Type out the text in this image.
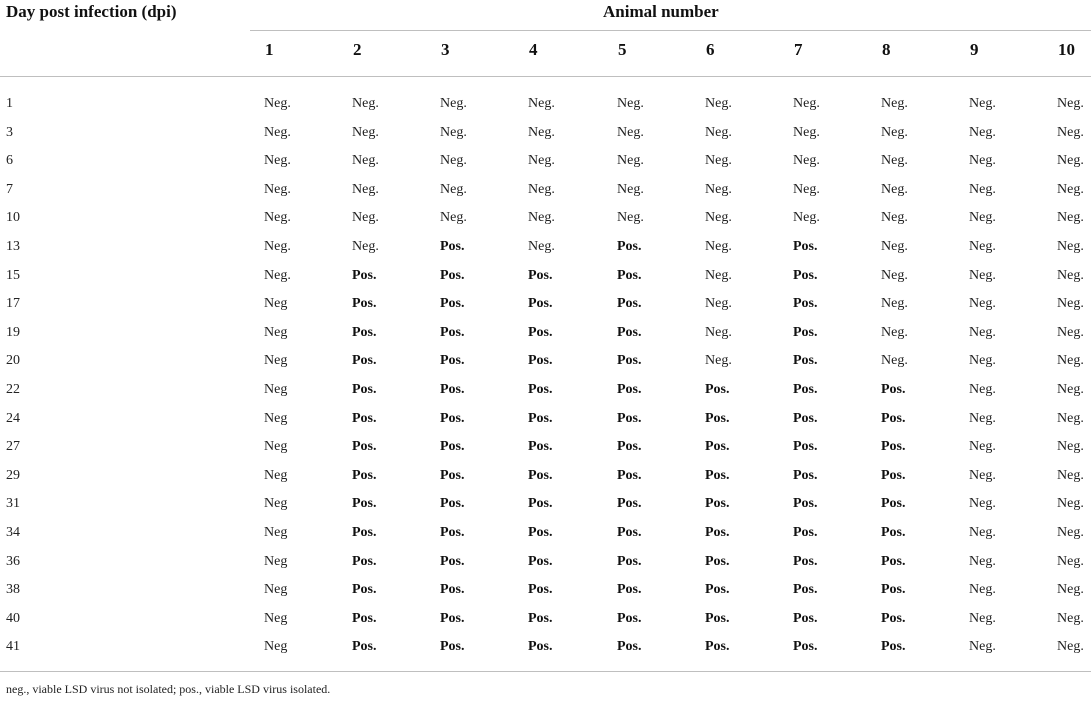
Day post infection (dpi)	Animal number
1	2	3	4	5	6	7	8	9	10
1	Neg.	Neg.	Neg.	Neg.	Neg.	Neg.	Neg.	Neg.	Neg.	Neg.
3	Neg.	Neg.	Neg.	Neg.	Neg.	Neg.	Neg.	Neg.	Neg.	Neg.
6	Neg.	Neg.	Neg.	Neg.	Neg.	Neg.	Neg.	Neg.	Neg.	Neg.
7	Neg.	Neg.	Neg.	Neg.	Neg.	Neg.	Neg.	Neg.	Neg.	Neg.
10	Neg.	Neg.	Neg.	Neg.	Neg.	Neg.	Neg.	Neg.	Neg.	Neg.
13	Neg.	Neg.	Pos.	Neg.	Pos.	Neg.	Pos.	Neg.	Neg.	Neg.
15	Neg.	Pos.	Pos.	Pos.	Pos.	Neg.	Pos.	Neg.	Neg.	Neg.
17	Neg	Pos.	Pos.	Pos.	Pos.	Neg.	Pos.	Neg.	Neg.	Neg.
19	Neg	Pos.	Pos.	Pos.	Pos.	Neg.	Pos.	Neg.	Neg.	Neg.
20	Neg	Pos.	Pos.	Pos.	Pos.	Neg.	Pos.	Neg.	Neg.	Neg.
22	Neg	Pos.	Pos.	Pos.	Pos.	Pos.	Pos.	Pos.	Neg.	Neg.
24	Neg	Pos.	Pos.	Pos.	Pos.	Pos.	Pos.	Pos.	Neg.	Neg.
27	Neg	Pos.	Pos.	Pos.	Pos.	Pos.	Pos.	Pos.	Neg.	Neg.
29	Neg	Pos.	Pos.	Pos.	Pos.	Pos.	Pos.	Pos.	Neg.	Neg.
31	Neg	Pos.	Pos.	Pos.	Pos.	Pos.	Pos.	Pos.	Neg.	Neg.
34	Neg	Pos.	Pos.	Pos.	Pos.	Pos.	Pos.	Pos.	Neg.	Neg.
36	Neg	Pos.	Pos.	Pos.	Pos.	Pos.	Pos.	Pos.	Neg.	Neg.
38	Neg	Pos.	Pos.	Pos.	Pos.	Pos.	Pos.	Pos.	Neg.	Neg.
40	Neg	Pos.	Pos.	Pos.	Pos.	Pos.	Pos.	Pos.	Neg.	Neg.
41	Neg	Pos.	Pos.	Pos.	Pos.	Pos.	Pos.	Pos.	Neg.	Neg.
neg., viable LSD virus not isolated; pos., viable LSD virus isolated.
